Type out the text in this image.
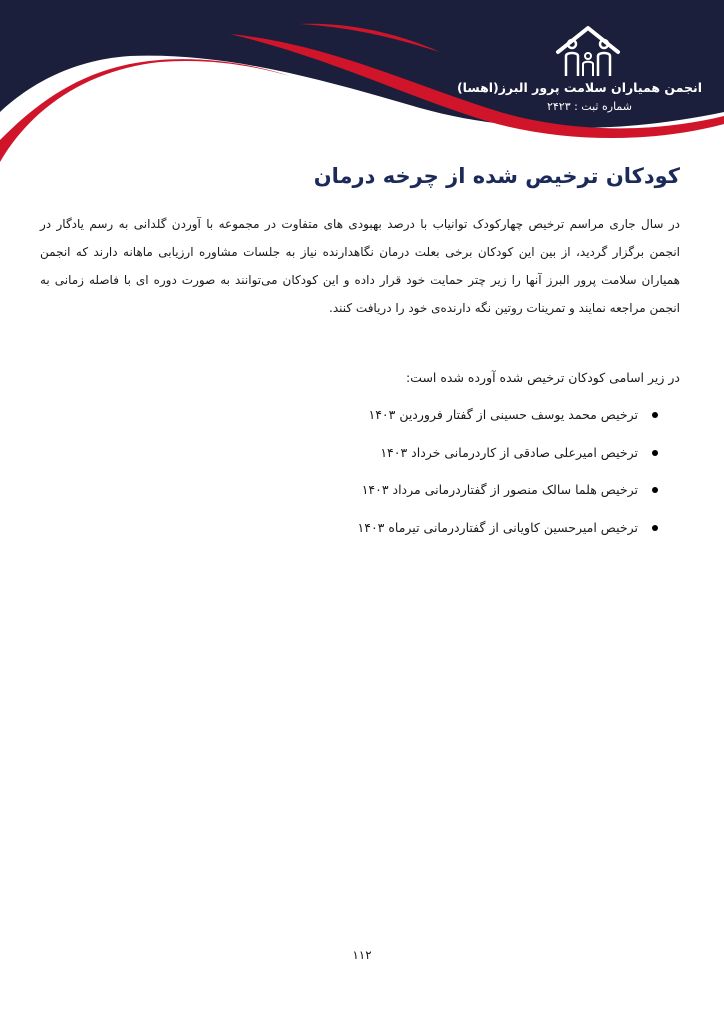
انجمن همیاران سلامت پرور البرز(اهسا)
شماره ثبت : ۲۴۲۳
کودکان ترخیص شده از چرخه درمان

در سال جاری مراسم ترخیص چهارکودک توانیاب با درصد بهبودی های متفاوت در مجموعه با آوردن گلدانی به رسم یادگار در انجمن برگزار گردید، از بین این کودکان برخی بعلت درمان نگاهدارنده نیاز به جلسات مشاوره ارزیابی ماهانه دارند که انجمن همیاران سلامت پرور البرز آنها را زیر چتر حمایت خود قرار داده و این کودکان می‌توانند به صورت دوره ای با فاصله زمانی به انجمن مراجعه نمایند و تمرینات روتین نگه دارنده‌ی خود را دریافت کنند.

در زیر اسامی کودکان ترخیص شده آورده شده است:

ترخیص محمد یوسف حسینی از گفتار فروردین ۱۴۰۳
ترخیص امیرعلی صادقی از کاردرمانی خرداد ۱۴۰۳
ترخیص هلما سالک منصور از گفتاردرمانی مرداد ۱۴۰۳
ترخیص امیرحسین کاویانی از گفتاردرمانی تیرماه ۱۴۰۳
۱۱۲
